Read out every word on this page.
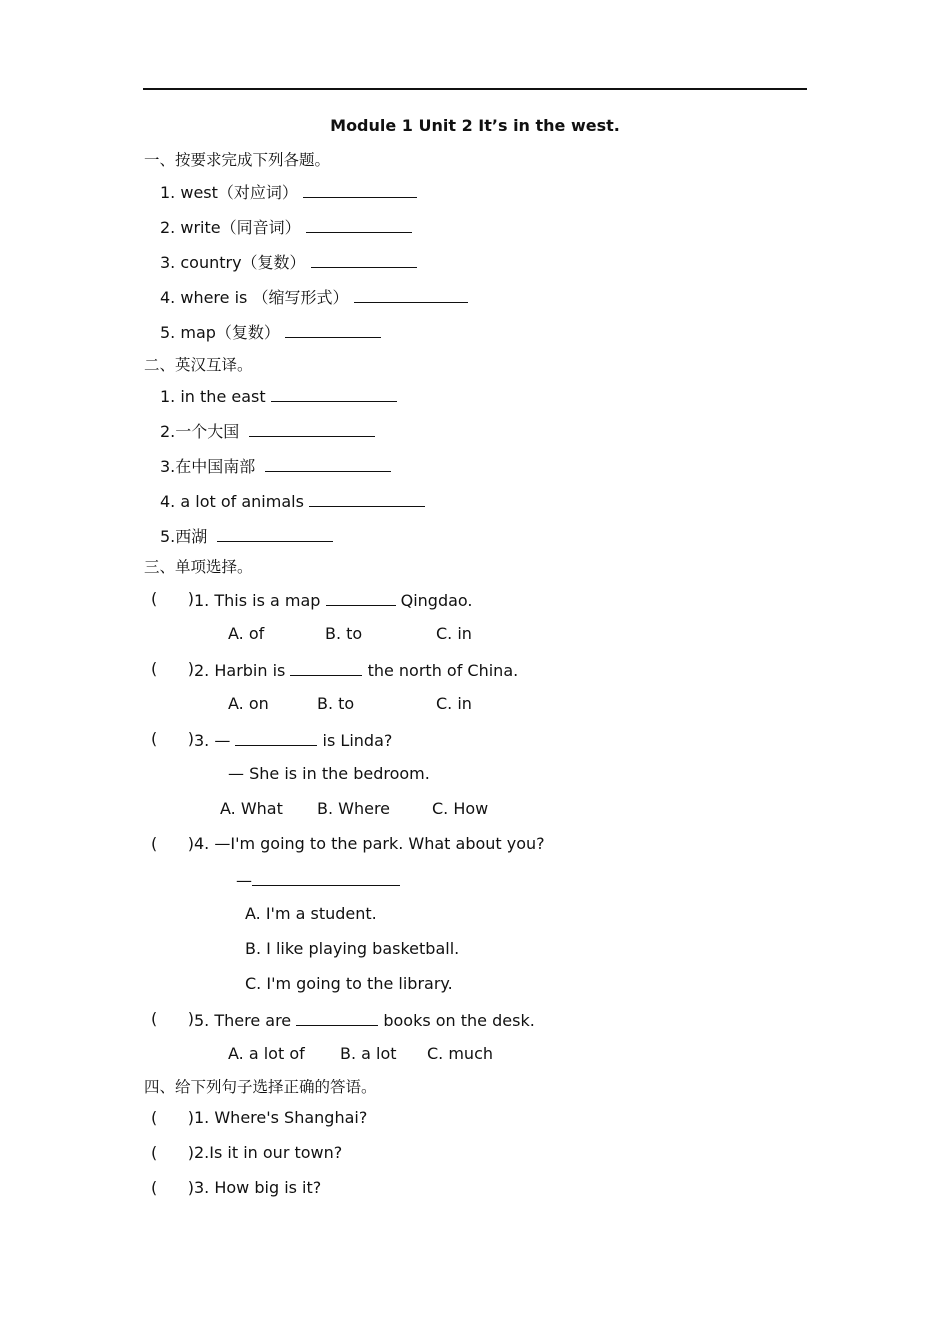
Module 1 Unit 2 It’s in the west.
一、按要求完成下列各题。
1. west（对应词）
2. write（同音词）
3. country（复数）
4. where is （缩写形式）
5. map（复数）
二、英汉互译。
1. in the east
2.一个大国
3.在中国南部
4. a lot of animals
5.西湖
三、单项选择。
(      ) 1. This is a map	Qingdao.
A. of	B. to	C. in
(      ) 2. Harbin is	the north of China.
A. on	B. to	C. in
(      ) 3. —	is Linda?
— She is in the bedroom.
A. What B. Where	C. How
(      ) 4. —I'm going to the park. What about you?
—
A. I'm a student.
B. I like playing basketball.
C. I'm going to the library.
(      ) 5. There are	books on the desk.
A. a lot of B. a lot C. much
四、给下列句子选择正确的答语。
(      ) 1. Where's Shanghai?
(      ) 2.Is it in our town?
(      ) 3. How big is it?
